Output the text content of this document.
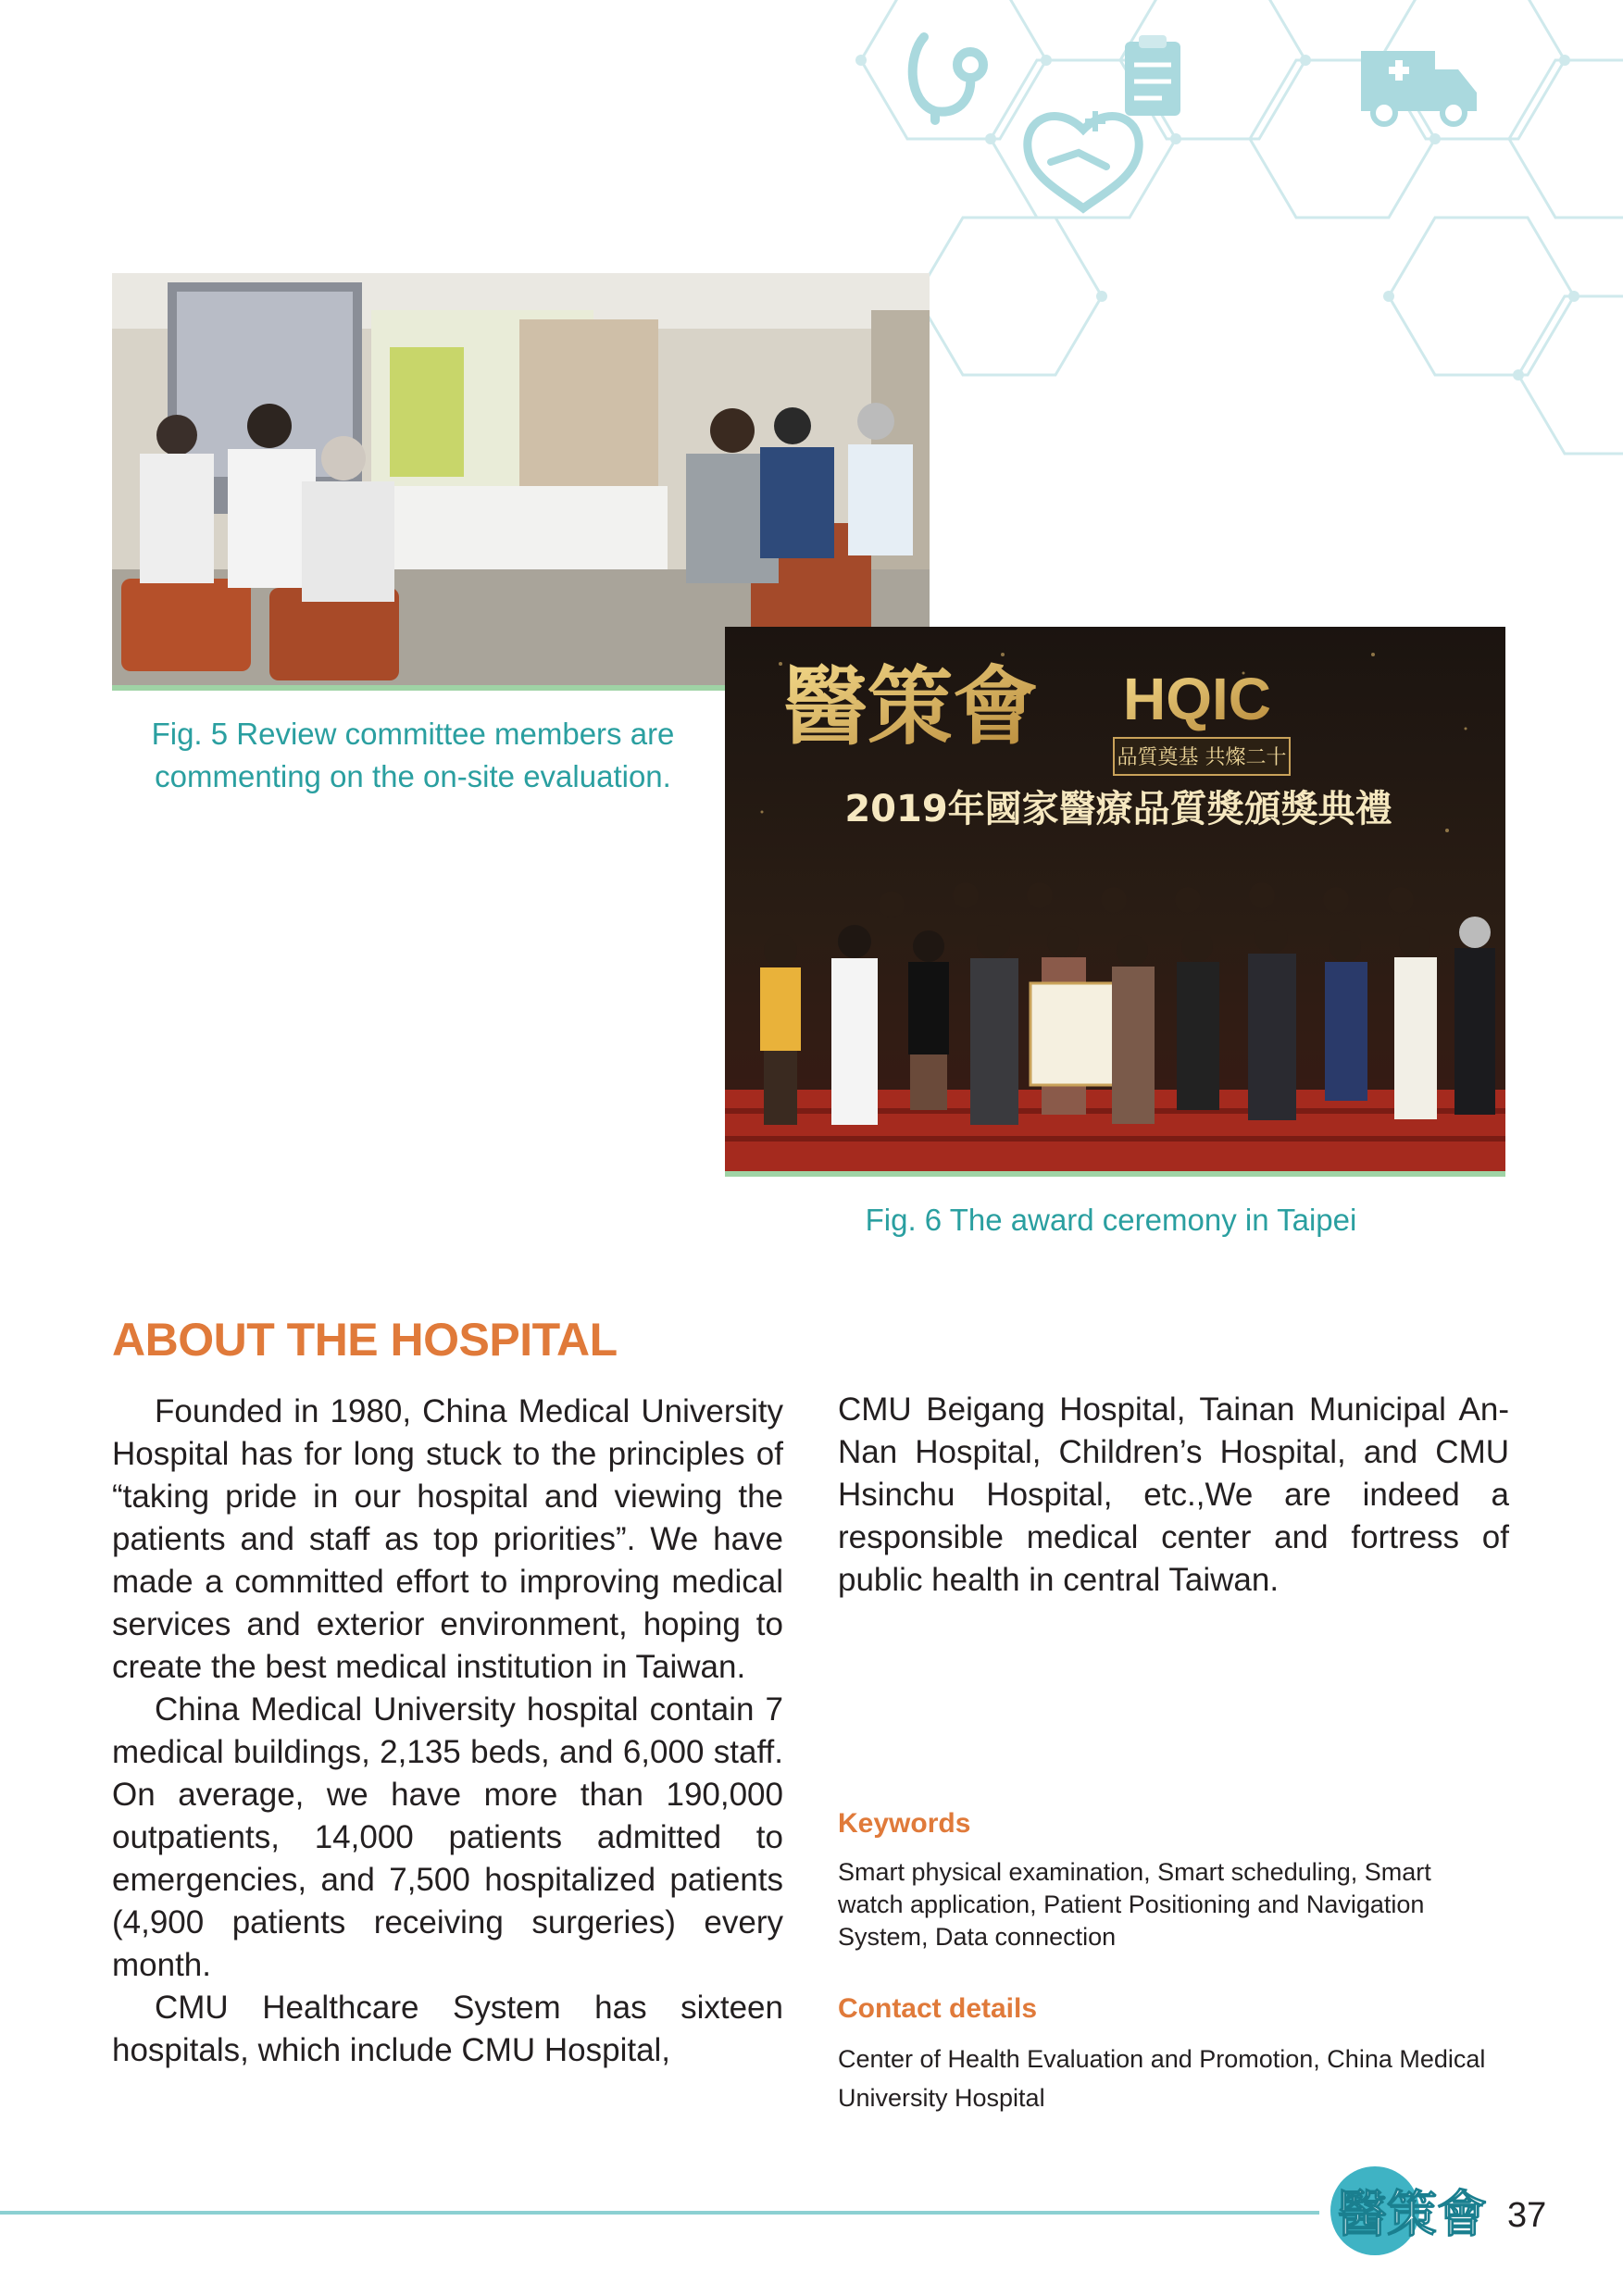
Fig. 5 Review committee members are
commenting on the on-site evaluation.
醫策會 HQIC
品質奠基 共燦二十
2019年國家醫療品質獎頒獎典禮
Fig. 6 The award ceremony in Taipei
ABOUT THE HOSPITAL

Founded in 1980, China Medical University Hospital has for long stuck to the principles of “taking pride in our hospital and viewing the patients and staff as top priorities”. We have made a committed effort to improving medical services and exterior environment, hoping to create the best medical institution in Taiwan.

China Medical University hospital contain 7 medical buildings, 2,135 beds, and 6,000 staff. On average, we have more than 190,000 outpatients, 14,000 patients admitted to emergencies, and 7,500 hospitalized patients (4,900 patients receiving surgeries) every month.

CMU Healthcare System has sixteen hospitals, which include CMU Hospital,

CMU Beigang Hospital, Tainan Municipal An-Nan Hospital, Children’s Hospital, and CMU Hsinchu Hospital, etc.,We are indeed a responsible medical center and fortress of public health in central Taiwan.

Keywords
Smart physical examination, Smart scheduling, Smart watch application, Patient Positioning and Navigation System, Data connection
Contact details
Center of Health Evaluation and Promotion, China Medical University Hospital
醫策會 37
